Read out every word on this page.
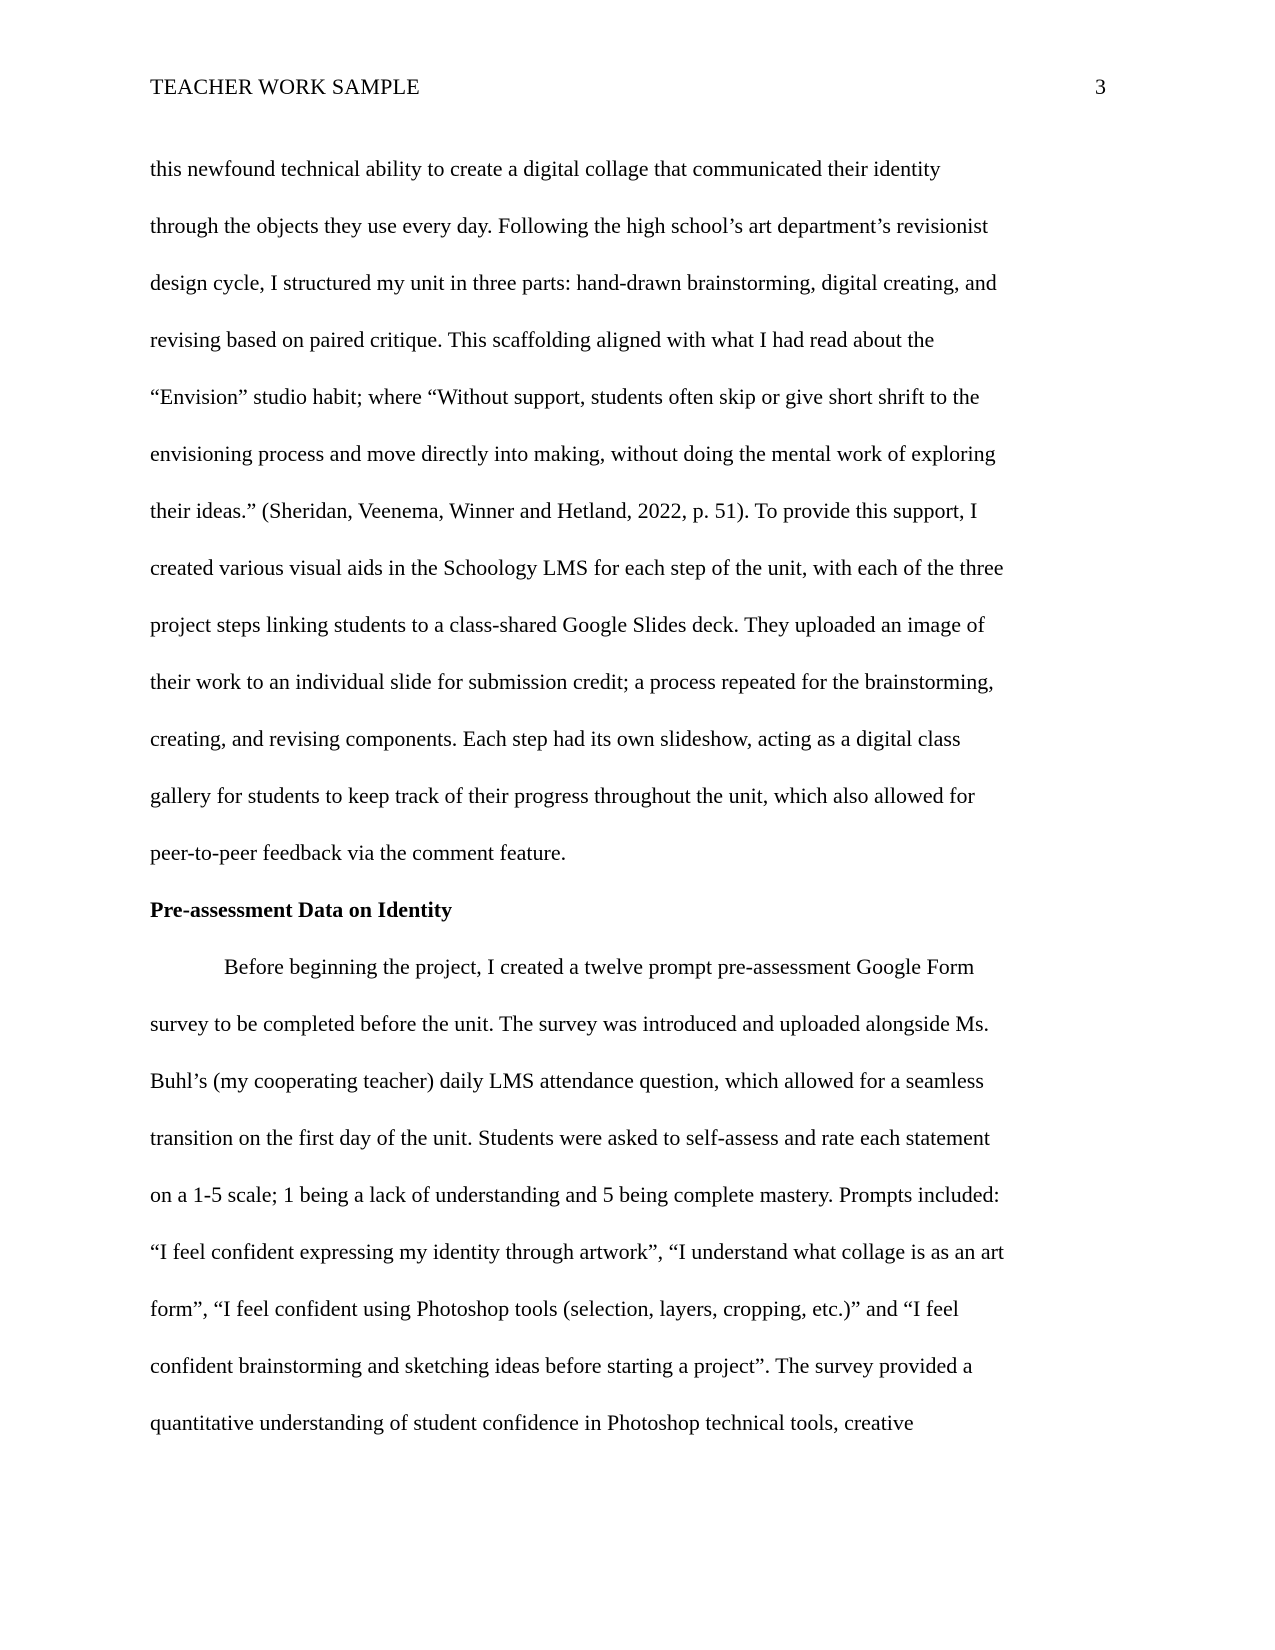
TEACHER WORK SAMPLE	3
this newfound technical ability to create a digital collage that communicated their identity
through the objects they use every day. Following the high school’s art department’s revisionist
design cycle, I structured my unit in three parts: hand-drawn brainstorming, digital creating, and
revising based on paired critique. This scaffolding aligned with what I had read about the
“Envision” studio habit; where “Without support, students often skip or give short shrift to the
envisioning process and move directly into making, without doing the mental work of exploring
their ideas.” (Sheridan, Veenema, Winner and Hetland, 2022, p. 51). To provide this support, I
created various visual aids in the Schoology LMS for each step of the unit, with each of the three
project steps linking students to a class-shared Google Slides deck. They uploaded an image of
their work to an individual slide for submission credit; a process repeated for the brainstorming,
creating, and revising components. Each step had its own slideshow, acting as a digital class
gallery for students to keep track of their progress throughout the unit, which also allowed for
peer-to-peer feedback via the comment feature.
Pre-assessment Data on Identity
Before beginning the project, I created a twelve prompt pre-assessment Google Form
survey to be completed before the unit. The survey was introduced and uploaded alongside Ms.
Buhl’s (my cooperating teacher) daily LMS attendance question, which allowed for a seamless
transition on the first day of the unit. Students were asked to self-assess and rate each statement
on a 1-5 scale; 1 being a lack of understanding and 5 being complete mastery. Prompts included:
“I feel confident expressing my identity through artwork”, “I understand what collage is as an art
form”, “I feel confident using Photoshop tools (selection, layers, cropping, etc.)” and “I feel
confident brainstorming and sketching ideas before starting a project”. The survey provided a
quantitative understanding of student confidence in Photoshop technical tools, creative
